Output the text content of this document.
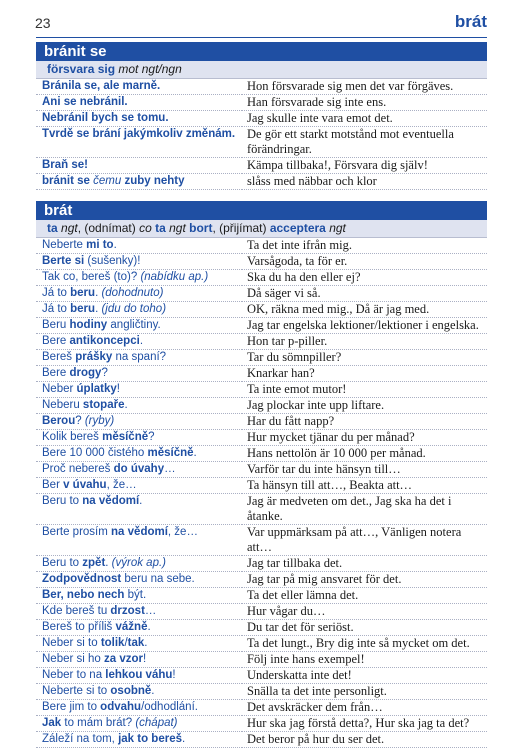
23	brát
bránit se
försvara sig mot ngt/ngn
Bránila se, ale marně.	Hon försvarade sig men det var förgäves.
Ani se nebránil.	Han försvarade sig inte ens.
Nebránil bych se tomu.	Jag skulle inte vara emot det.
Tvrdě se brání jakýmkoliv změnám. De gör ett starkt motstånd mot eventuella förändringar.
Braň se!	Kämpa tillbaka!, Försvara dig själv!
bránit se čemu zuby nehty	slåss med näbbar och klor
brát
ta ngt, (odnímat) co ta ngt bort, (přijímat) acceptera ngt
Neberte mi to.	Ta det inte ifrån mig.
Berte si (sušenky)!	Varsågoda, ta för er.
Tak co, bereš (to)? (nabídku ap.)	Ska du ha den eller ej?
Já to beru. (dohodnuto)	Då säger vi så.
Já to beru. (jdu do toho)	OK, räkna med mig., Då är jag med.
Beru hodiny angličtiny.	Jag tar engelska lektioner/lektioner i engelska.
Bere antikoncepci.	Hon tar p-piller.
Bereš prášky na spaní?	Tar du sömnpiller?
Bere drogy?	Knarkar han?
Neber úplatky!	Ta inte emot mutor!
Neberu stopaře.	Jag plockar inte upp liftare.
Berou? (ryby)	Har du fått napp?
Kolik bereš měsíčně?	Hur mycket tjänar du per månad?
Bere 10 000 čistého měsíčně.	Hans nettolön är 10 000 per månad.
Proč nebereš do úvahy…	Varför tar du inte hänsyn till…
Ber v úvahu, že…	Ta hänsyn till att…, Beakta att…
Beru to na vědomí.	Jag är medveten om det., Jag ska ha det i åtanke.
Berte prosím na vědomí, že…	Var uppmärksam på att…, Vänligen notera att…
Beru to zpět. (výrok ap.)	Jag tar tillbaka det.
Zodpovědnost beru na sebe.	Jag tar på mig ansvaret för det.
Ber, nebo nech být.	Ta det eller lämna det.
Kde bereš tu drzost…	Hur vågar du…
Bereš to příliš vážně.	Du tar det för seriöst.
Neber si to tolik/tak.	Ta det lungt., Bry dig inte så mycket om det.
Neber si ho za vzor!	Följ inte hans exempel!
Neber to na lehkou váhu!	Underskatta inte det!
Neberte si to osobně.	Snälla ta det inte personligt.
Bere jim to odvahu/odhodlání.	Det avskräcker dem från…
Jak to mám brát? (chápat)	Hur ska jag förstå detta?, Hur ska jag ta det?
Záleží na tom, jak to bereš.	Det beror på hur du ser det.
